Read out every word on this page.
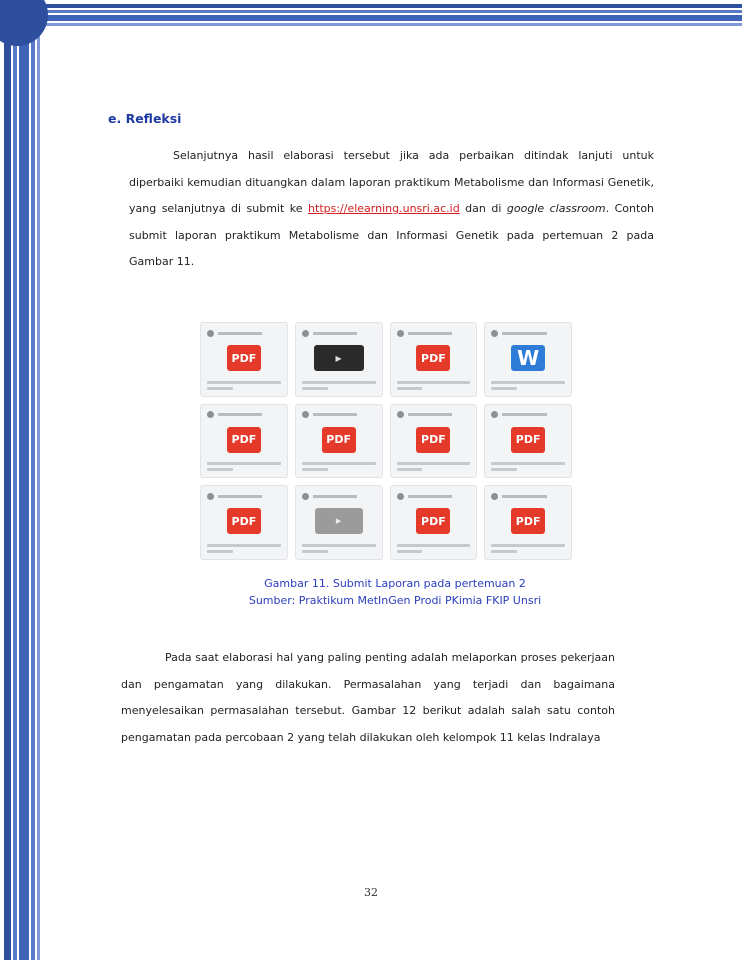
e. Refleksi

Selanjutnya hasil elaborasi tersebut jika ada perbaikan ditindak lanjuti untuk diperbaiki kemudian dituangkan dalam laporan praktikum Metabolisme dan Informasi Genetik, yang selanjutnya di submit ke https://elearning.unsri.ac.id dan di google classroom. Contoh submit laporan praktikum Metabolisme dan Informasi Genetik pada pertemuan 2 pada Gambar 11.

PDF	▶	PDF	W
PDF	PDF	PDF	PDF
PDF	▶	PDF	PDF

Gambar 11. Submit Laporan pada pertemuan 2

Sumber: Praktikum MetInGen Prodi PKimia FKIP Unsri

Pada saat elaborasi hal yang paling penting adalah melaporkan proses pekerjaan dan pengamatan yang dilakukan. Permasalahan yang terjadi dan bagaimana menyelesaikan permasalahan tersebut. Gambar 12 berikut adalah salah satu contoh pengamatan pada percobaan 2 yang telah dilakukan oleh kelompok 11 kelas Indralaya

32
